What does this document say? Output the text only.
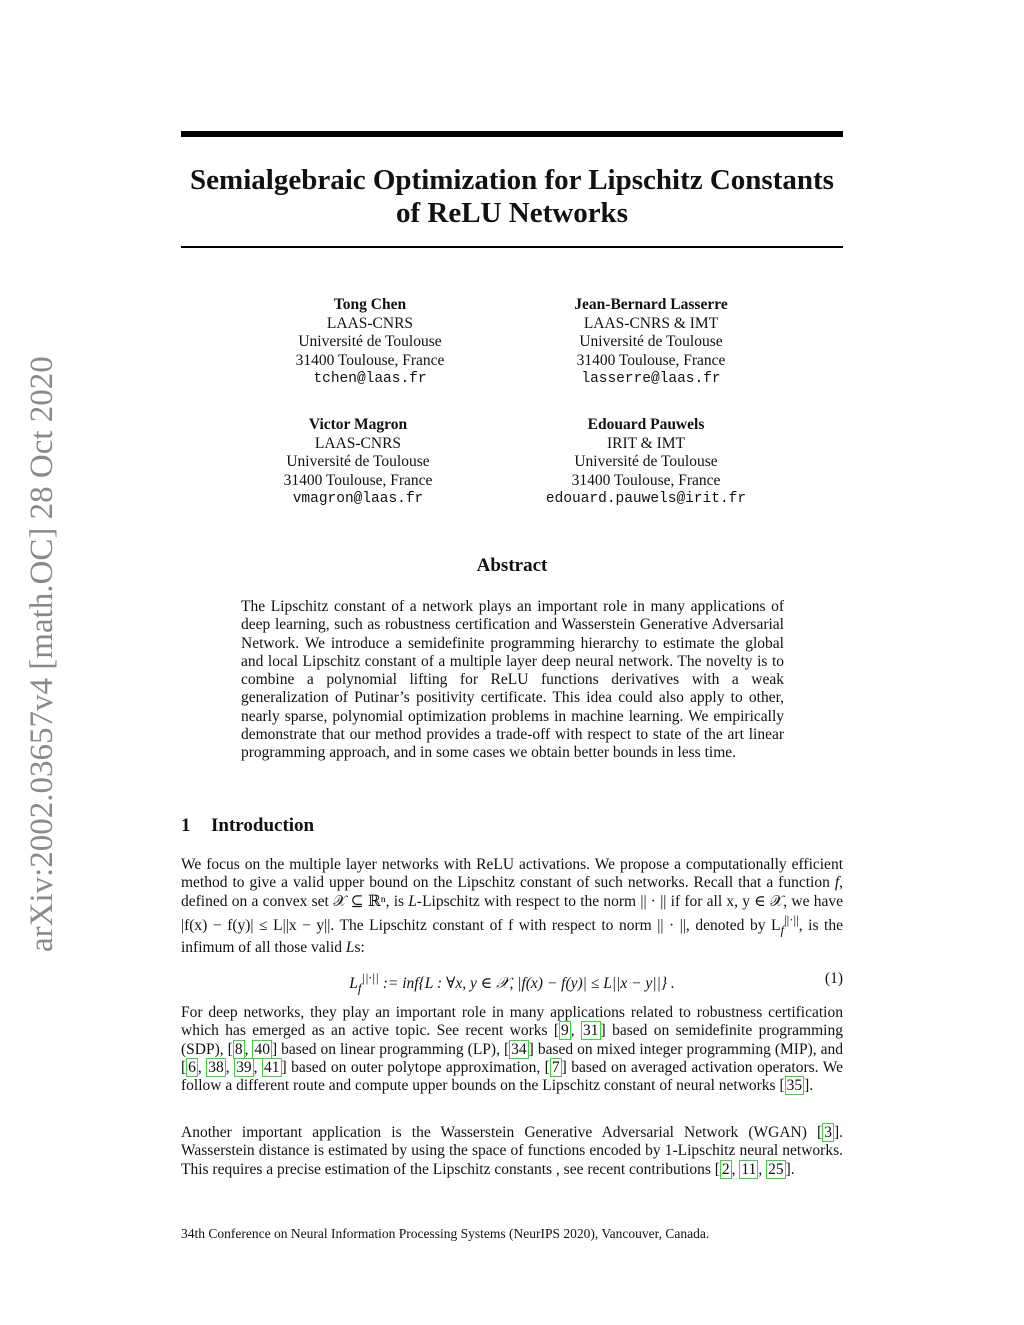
arXiv:2002.03657v4 [math.OC] 28 Oct 2020
Semialgebraic Optimization for Lipschitz Constants
of ReLU Networks
Tong Chen
LAAS-CNRS
Université de Toulouse
31400 Toulouse, France
tchen@laas.fr
Jean-Bernard Lasserre
LAAS-CNRS & IMT
Université de Toulouse
31400 Toulouse, France
lasserre@laas.fr
Victor Magron
LAAS-CNRS
Université de Toulouse
31400 Toulouse, France
vmagron@laas.fr
Edouard Pauwels
IRIT & IMT
Université de Toulouse
31400 Toulouse, France
edouard.pauwels@irit.fr
Abstract
The Lipschitz constant of a network plays an important role in many applications of deep learning, such as robustness certification and Wasserstein Generative Adversarial Network. We introduce a semidefinite programming hierarchy to estimate the global and local Lipschitz constant of a multiple layer deep neural network. The novelty is to combine a polynomial lifting for ReLU functions derivatives with a weak generalization of Putinar’s positivity certificate. This idea could also apply to other, nearly sparse, polynomial optimization problems in machine learning. We empirically demonstrate that our method provides a trade-off with respect to state of the art linear programming approach, and in some cases we obtain better bounds in less time.
1 Introduction
We focus on the multiple layer networks with ReLU activations. We propose a computationally efficient method to give a valid upper bound on the Lipschitz constant of such networks. Recall that a function f, defined on a convex set 𝒳 ⊆ ℝⁿ, is L-Lipschitz with respect to the norm || · || if for all x, y ∈ 𝒳, we have |f(x) − f(y)| ≤ L||x − y||. The Lipschitz constant of f with respect to norm || · ||, denoted by $L_f^{||\cdot||}$, is the infimum of all those valid Ls:
$L_f^{||\cdot||}$ := inf{L : ∀x, y ∈ 𝒳, |f(x) − f(y)| ≤ L||x − y||} .	(1)
For deep networks, they play an important role in many applications related to robustness certification which has emerged as an active topic. See recent works [ 9 , 31 ] based on semidefinite programming (SDP), [ 8 , 40 ] based on linear programming (LP), [ 34 ] based on mixed integer programming (MIP), and [ 6 , 38 , 39 , 41 ] based on outer polytope approximation, [ 7 ] based on averaged activation operators. We follow a different route and compute upper bounds on the Lipschitz constant of neural networks [ 35 ].
Another important application is the Wasserstein Generative Adversarial Network (WGAN) [ 3 ]. Wasserstein distance is estimated by using the space of functions encoded by 1-Lipschitz neural networks. This requires a precise estimation of the Lipschitz constants , see recent contributions [ 2 , 11 , 25 ].
34th Conference on Neural Information Processing Systems (NeurIPS 2020), Vancouver, Canada.
